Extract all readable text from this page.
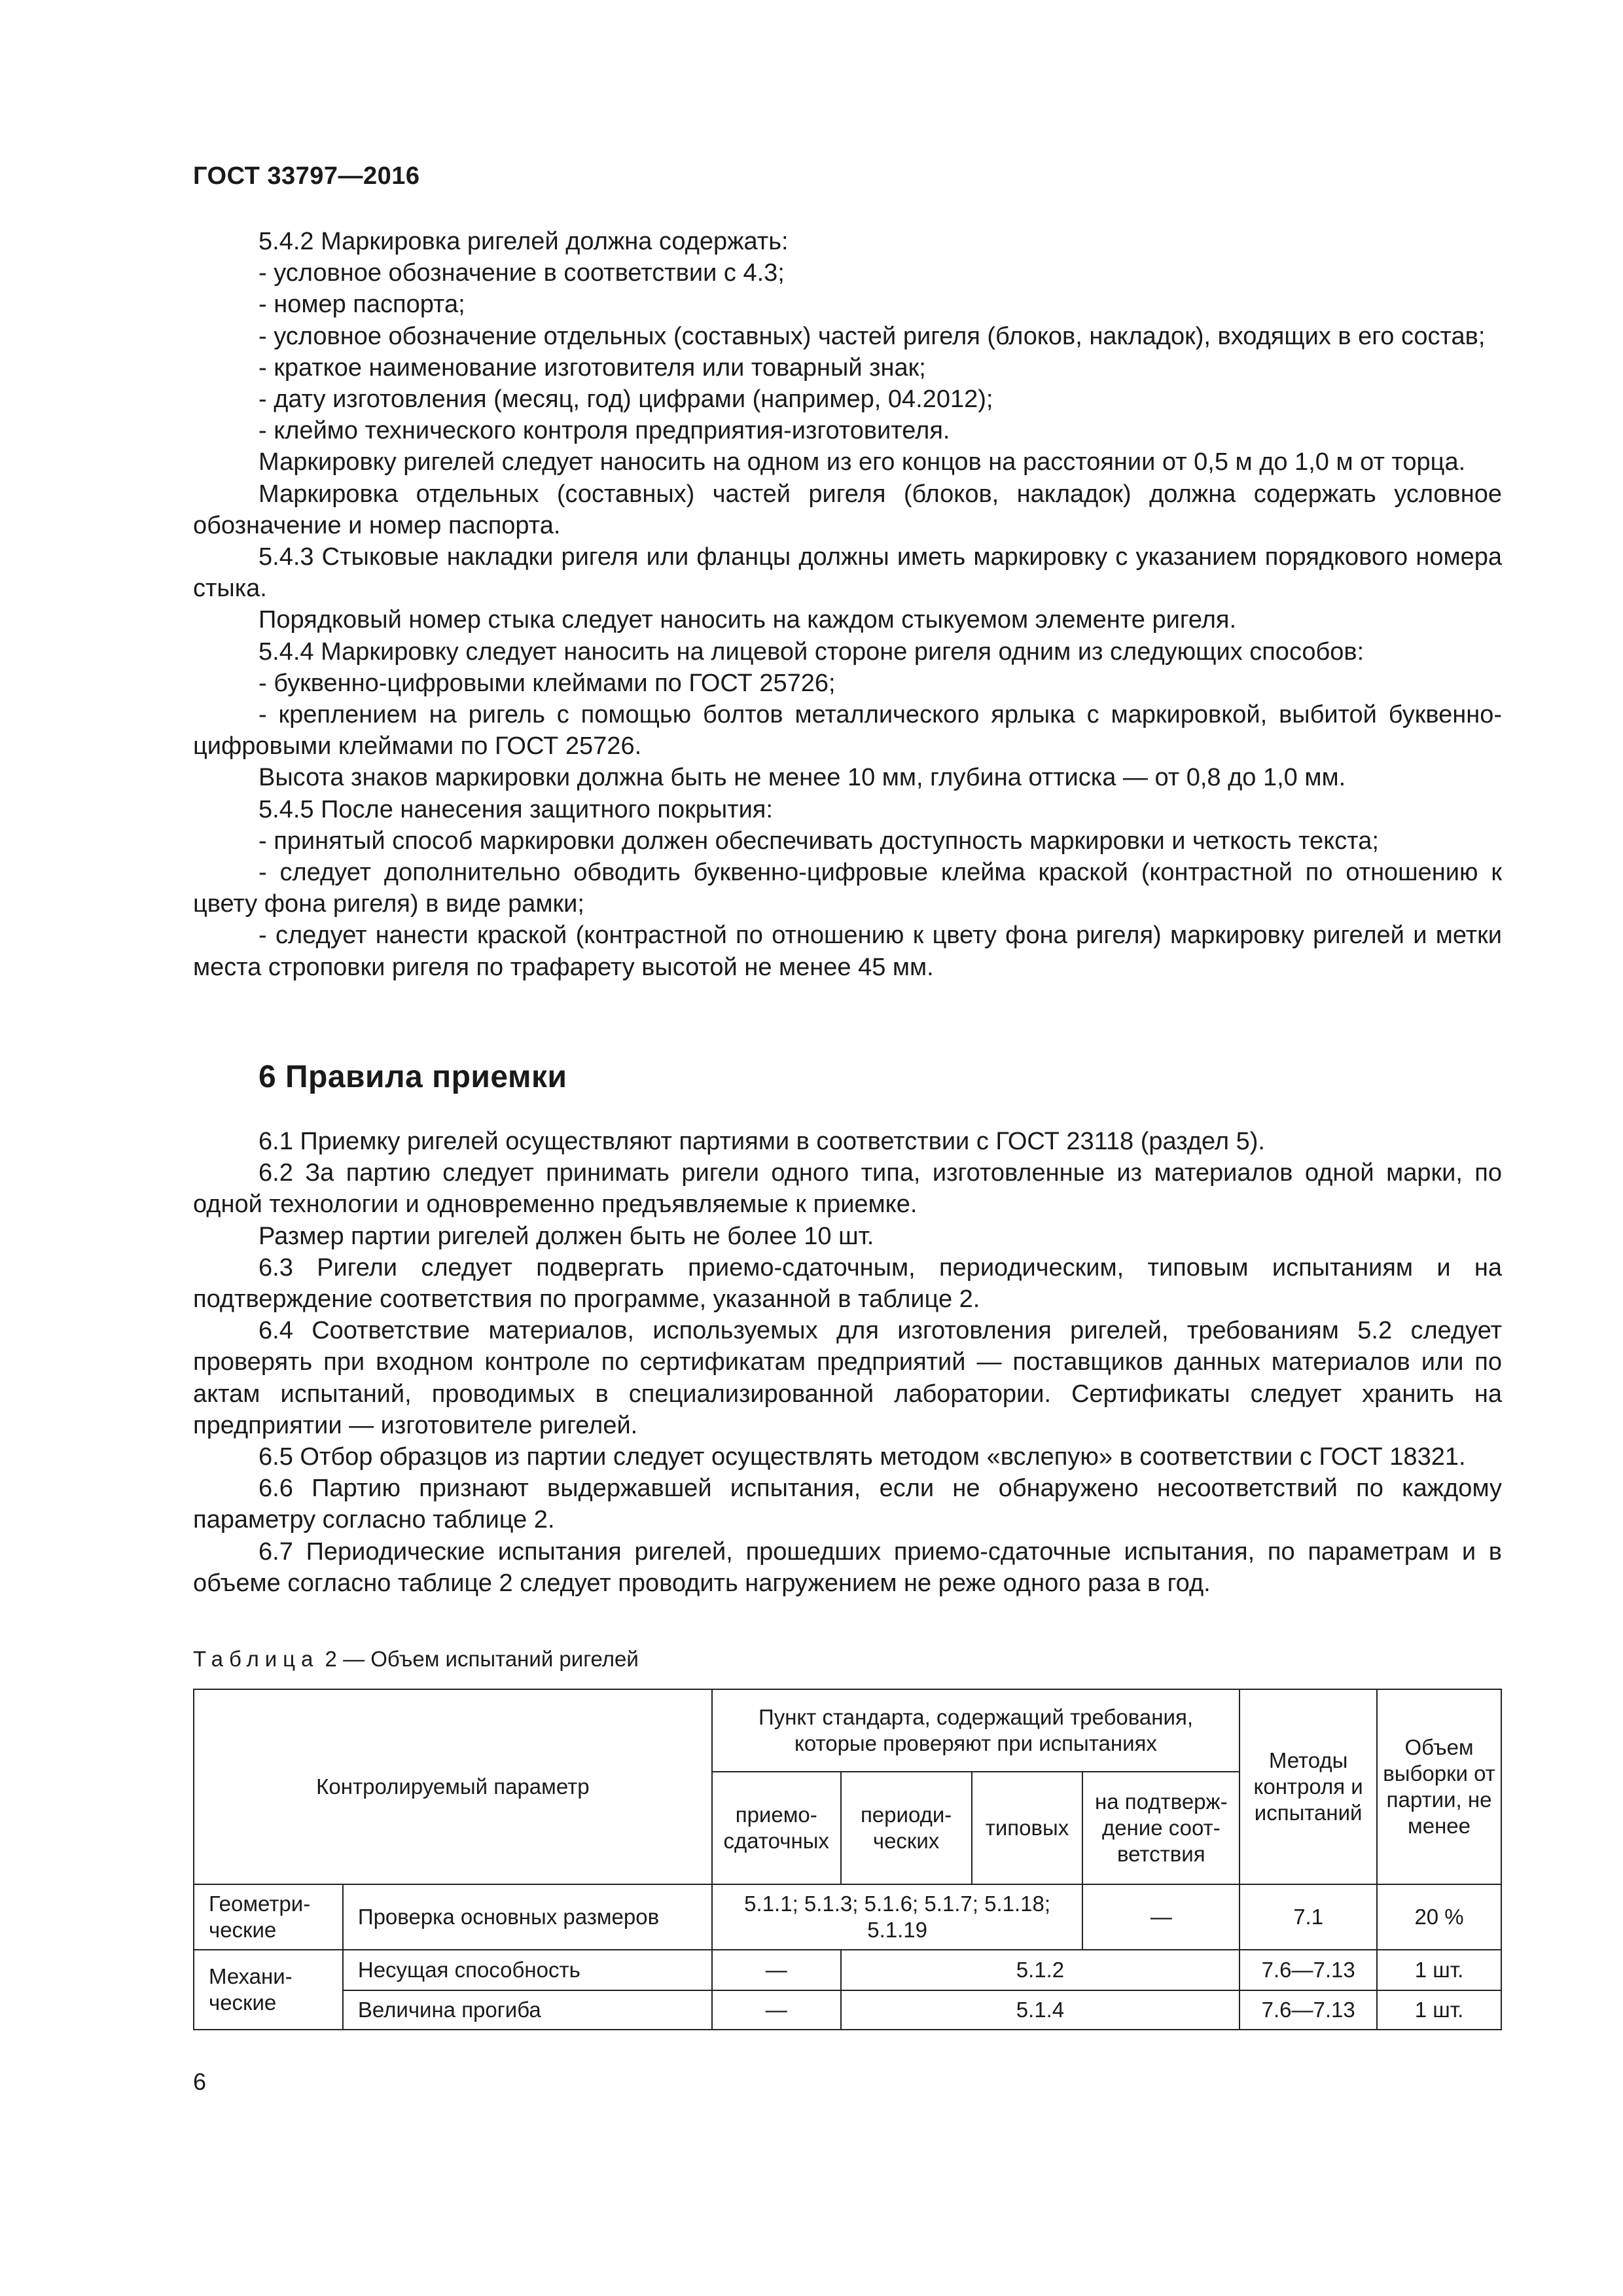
ГОСТ 33797—2016

5.4.2 Маркировка ригелей должна содержать:

- условное обозначение в соответствии с 4.3;

- номер паспорта;

- условное обозначение отдельных (составных) частей ригеля (блоков, накладок), входящих в его состав;

- краткое наименование изготовителя или товарный знак;

- дату изготовления (месяц, год) цифрами (например, 04.2012);

- клеймо технического контроля предприятия-изготовителя.

Маркировку ригелей следует наносить на одном из его концов на расстоянии от 0,5 м до 1,0 м от торца.

Маркировка отдельных (составных) частей ригеля (блоков, накладок) должна содержать условное обозначение и номер паспорта.

5.4.3 Стыковые накладки ригеля или фланцы должны иметь маркировку с указанием порядкового номера стыка.

Порядковый номер стыка следует наносить на каждом стыкуемом элементе ригеля.

5.4.4 Маркировку следует наносить на лицевой стороне ригеля одним из следующих способов:

- буквенно-цифровыми клеймами по ГОСТ 25726;

- креплением на ригель с помощью болтов металлического ярлыка с маркировкой, выбитой буквенно-цифровыми клеймами по ГОСТ 25726.

Высота знаков маркировки должна быть не менее 10 мм, глубина оттиска — от 0,8 до 1,0 мм.

5.4.5 После нанесения защитного покрытия:

- принятый способ маркировки должен обеспечивать доступность маркировки и четкость текста;

- следует дополнительно обводить буквенно-цифровые клейма краской (контрастной по отношению к цвету фона ригеля) в виде рамки;

- следует нанести краской (контрастной по отношению к цвету фона ригеля) маркировку ригелей и метки места строповки ригеля по трафарету высотой не менее 45 мм.

6 Правила приемки

6.1 Приемку ригелей осуществляют партиями в соответствии с ГОСТ 23118 (раздел 5).

6.2 За партию следует принимать ригели одного типа, изготовленные из материалов одной марки, по одной технологии и одновременно предъявляемые к приемке.

Размер партии ригелей должен быть не более 10 шт.

6.3 Ригели следует подвергать приемо-сдаточным, периодическим, типовым испытаниям и на подтверждение соответствия по программе, указанной в таблице 2.

6.4 Соответствие материалов, используемых для изготовления ригелей, требованиям 5.2 следует проверять при входном контроле по сертификатам предприятий — поставщиков данных материалов или по актам испытаний, проводимых в специализированной лаборатории. Сертификаты следует хранить на предприятии — изготовителе ригелей.

6.5 Отбор образцов из партии следует осуществлять методом «вслепую» в соответствии с ГОСТ 18321.

6.6 Партию признают выдержавшей испытания, если не обнаружено несоответствий по каждому параметру согласно таблице 2.

6.7 Периодические испытания ригелей, прошедших приемо-сдаточные испытания, по параметрам и в объеме согласно таблице 2 следует проводить нагружением не реже одного раза в год.

Таблица 2 — Объем испытаний ригелей
Контролируемый параметр		Пункт стандарта, содержащий требования, которые проверяют при испытаниях				Методы контроля и испытаний	Объем выборки от партии, не менее
		приемо-сдаточных	периоди-ческих	типовых	на подтверж-дение соот-ветствия		
Геометри-ческие	Проверка основных размеров	5.1.1; 5.1.3; 5.1.6; 5.1.7; 5.1.18; 5.1.19			—	7.1	20 %
Механи-ческие	Несущая способность	—	5.1.2			7.6—7.13	1 шт.
	Величина прогиба	—	5.1.4			7.6—7.13	1 шт.
6
